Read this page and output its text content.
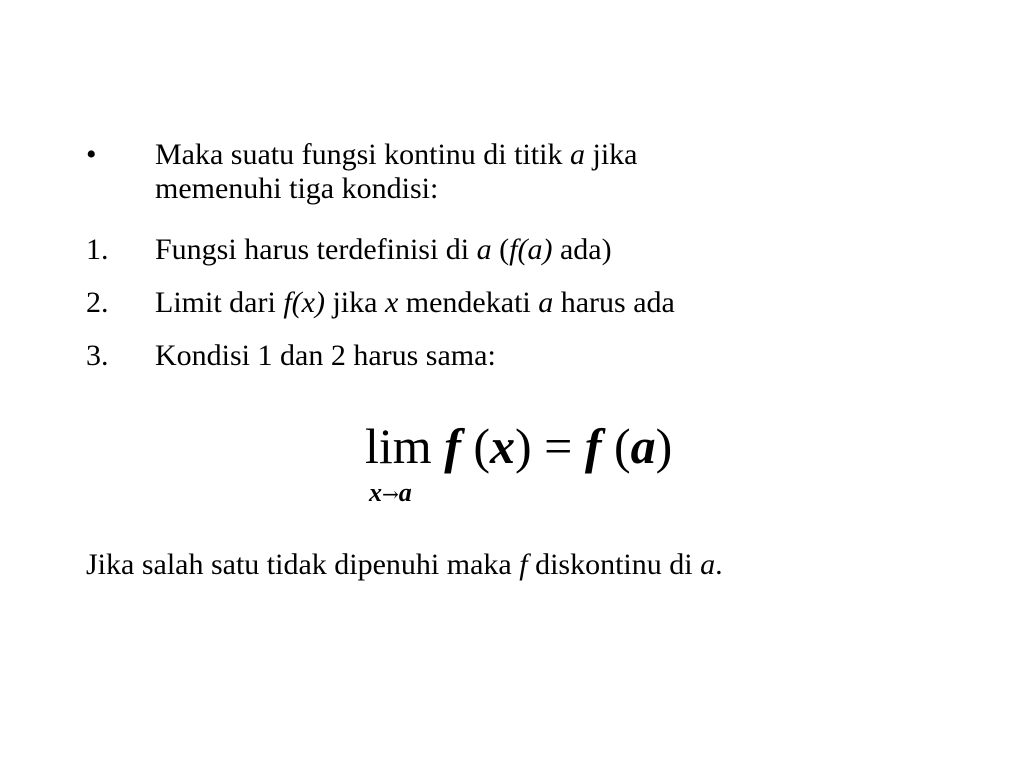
• Maka suatu fungsi kontinu di titik a jika
memenuhi tiga kondisi:
1. Fungsi harus terdefinisi di a (f(a) ada)
2. Limit dari f(x) jika x mendekati a harus ada
3. Kondisi 1 dan 2 harus sama:
lim f (x) = f (a)
x→a
Jika salah satu tidak dipenuhi maka f diskontinu di a.
